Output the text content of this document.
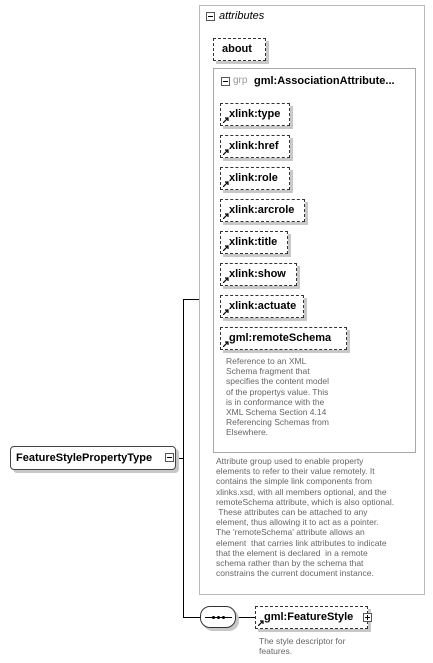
attributes
about
grp gml:AssociationAttribute...
xlink:type
xlink:href
xlink:role
xlink:arcrole
xlink:title
xlink:show
xlink:actuate
gml:remoteSchema
Reference to an XML
Schema fragment that
specifies the content model
of the propertys value. This
is in conformance with the
XML Schema Section 4.14
Referencing Schemas from
Elsewhere.
Attribute group used to enable property
elements to refer to their value remotely. It
contains the simple link components from
xlinks.xsd, with all members optional, and the
remoteSchema attribute, which is also optional.
These attributes can be attached to any
element, thus allowing it to act as a pointer.
The 'remoteSchema' attribute allows an
element  that carries link attributes to indicate
that the element is declared  in a remote
schema rather than by the schema that
constrains the current document instance.
FeatureStylePropertyType
gml:FeatureStyle
The style descriptor for
features.
